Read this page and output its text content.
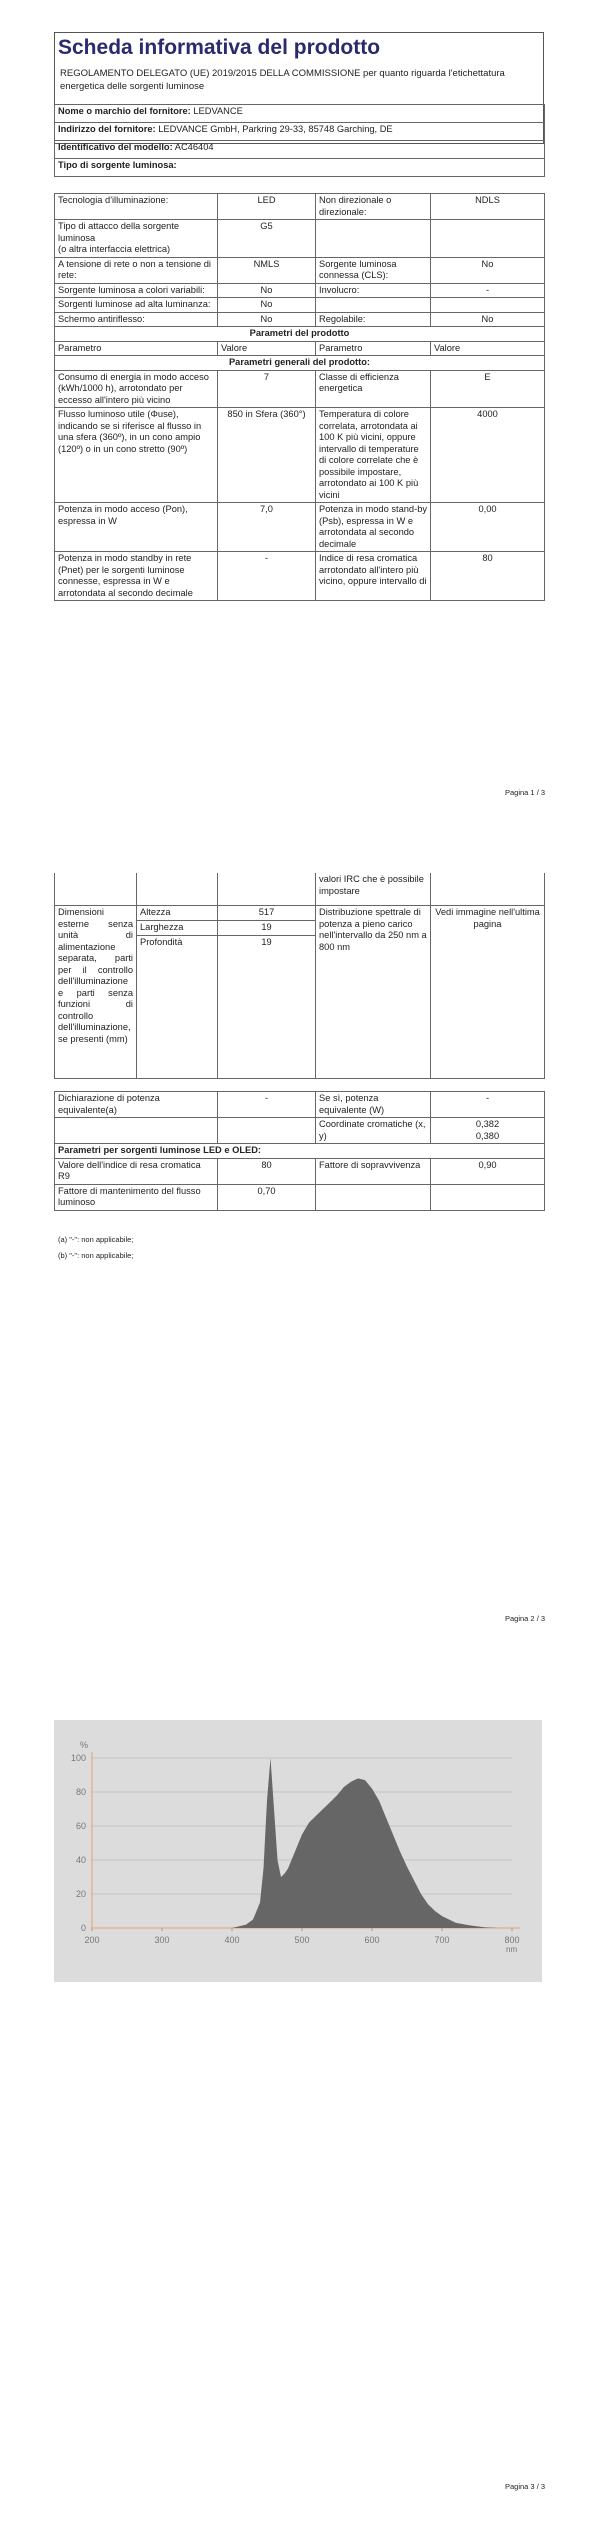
Scheda informativa del prodotto
REGOLAMENTO DELEGATO (UE) 2019/2015 DELLA COMMISSIONE per quanto riguarda l'etichettatura energetica delle sorgenti luminose
Nome o marchio del fornitore: LEDVANCE
Indirizzo del fornitore: LEDVANCE GmbH, Parkring 29-33, 85748 Garching, DE
Identificativo del modello: AC46404
Tipo di sorgente luminosa:
Tecnologia d'illuminazione:	LED	Non direzionale o direzionale:	NDLS
Tipo di attacco della sorgente luminosa
(o altra interfaccia elettrica)	G5		
A tensione di rete o non a tensione di rete:	NMLS	Sorgente luminosa connessa (CLS):	No
Sorgente luminosa a colori variabili:	No	Involucro:	-
Sorgenti luminose ad alta luminanza:	No		
Schermo antiriflesso:	No	Regolabile:	No
Parametri del prodotto			
Parametro	Valore	Parametro	Valore
Parametri generali del prodotto:			
Consumo di energia in modo acceso (kWh/1000 h), arrotondato per eccesso all'intero più vicino	7	Classe di efficienza energetica	E
Flusso luminoso utile (Φuse), indicando se si riferisce al flusso in una sfera (360º), in un cono ampio (120º) o in un cono stretto (90º)	850 in Sfera (360°)	Temperatura di colore correlata, arrotondata ai 100 K più vicini, oppure intervallo di temperature di colore correlate che è possibile impostare, arrotondato ai 100 K più vicini	4000
Potenza in modo acceso (Pon), espressa in W	7,0	Potenza in modo stand-by (Psb), espressa in W e arrotondata al secondo decimale	0,00
Potenza in modo standby in rete (Pnet) per le sorgenti luminose connesse, espressa in W e arrotondata al secondo decimale	-	Indice di resa cromatica arrotondato all'intero più vicino, oppure intervallo di	80
Pagina 1 / 3
			valori IRC che è possibile impostare	
Dimensioni esterne senza unità di alimentazione separata, parti per il controllo dell'illuminazione e parti senza funzioni di controllo dell'illuminazione, se presenti (mm)	Altezza	517	Distribuzione spettrale di potenza a pieno carico nell'intervallo da 250 nm a 800 nm	Vedi immagine nell'ultima pagina
	Larghezza	19		
	Profondità	19		
Dichiarazione di potenza equivalente(a)	-	Se sì, potenza equivalente (W)	-
		Coordinate cromatiche (x, y)	0,382
0,380
Parametri per sorgenti luminose LED e OLED:			
Valore dell'indice di resa cromatica R9	80	Fattore di sopravvivenza	0,90
Fattore di mantenimento del flusso luminoso	0,70		
(a) "-": non applicabile;
(b) "-": non applicabile;
Pagina 2 / 3
0
20
40
60
80
100
200	300	400	500	600	700	800
%
nm
Pagina 3 / 3
